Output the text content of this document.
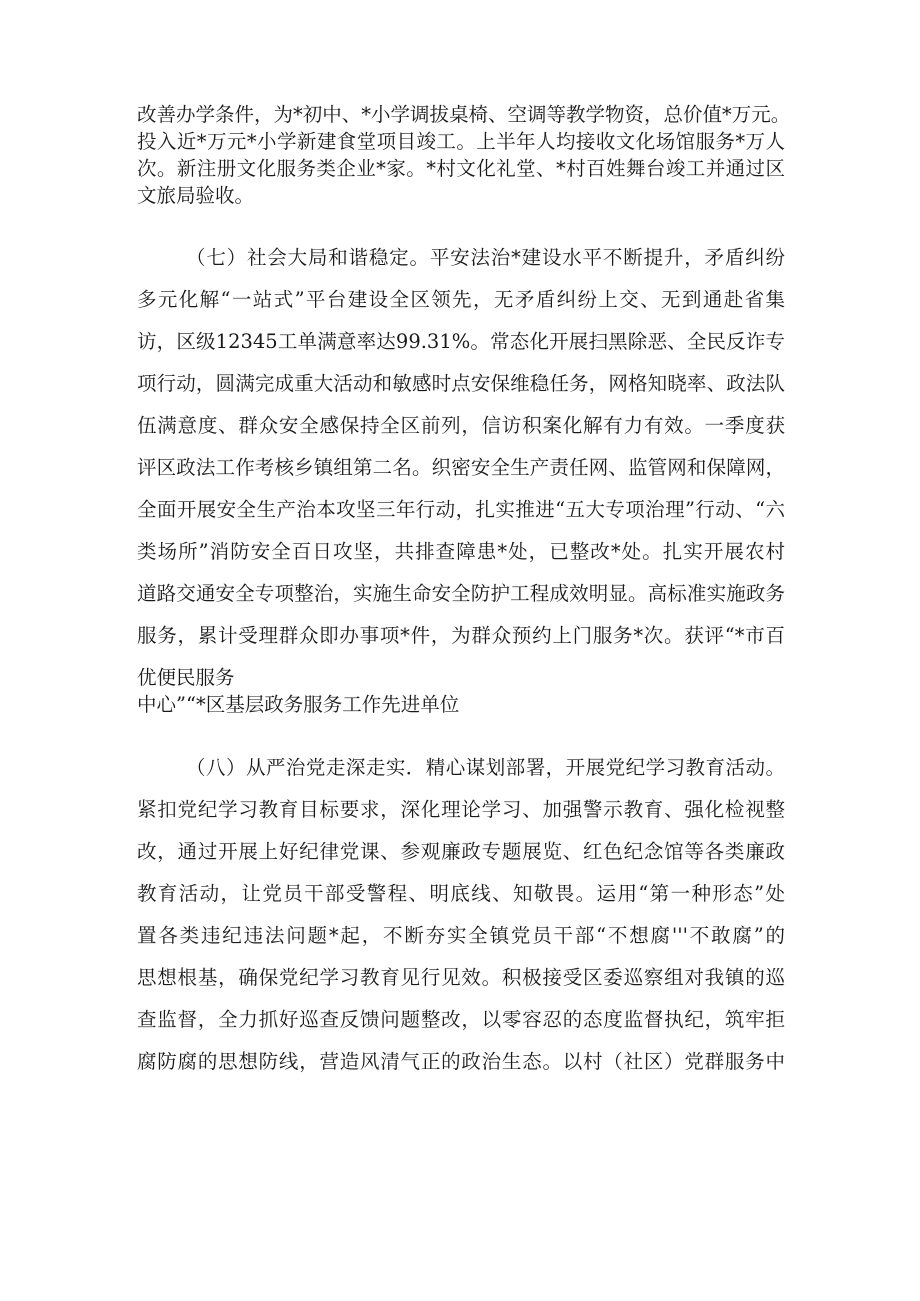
改善办学条件，为*初中、*小学调拔桌椅、空调等教学物资，总价值*万元。
投入近*万元*小学新建食堂项目竣工。上半年人均接收文化场馆服务*万人
次。新注册文化服务类企业*家。*村文化礼堂、*村百姓舞台竣工并通过区
文旅局验收。
（七）社会大局和谐稳定。平安法治*建设水平不断提升，矛盾纠纷
多元化解“一站式”平台建设全区领先，无矛盾纠纷上交、无到通赴省集
访，区级12345工单满意率达99.31%。常态化开展扫黑除恶、全民反诈专
项行动，圆满完成重大活动和敏感时点安保维稳任务，网格知晓率、政法队
伍满意度、群众安全感保持全区前列，信访积案化解有力有效。一季度获
评区政法工作考核乡镇组第二名。织密安全生产责任网、监管网和保障网，
全面开展安全生产治本攻坚三年行动，扎实推进“五大专项治理”行动、“六
类场所”消防安全百日攻坚，共排查障患*处，已整改*处。扎实开展农村
道路交通安全专项整治，实施生命安全防护工程成效明显。高标准实施政务
服务，累计受理群众即办事项*件，为群众预约上门服务*次。获评“*市百
优便民服务
中心”“*区基层政务服务工作先进单位
（八）从严治党走深走实．精心谋划部署，开展党纪学习教育活动。
紧扣党纪学习教育目标要求，深化理论学习、加强警示教育、强化检视整
改，通过开展上好纪律党课、参观廉政专题展览、红色纪念馆等各类廉政
教育活动，让党员干部受警程、明底线、知敬畏。运用“第一种形态”处
置各类违纪违法问题*起，不断夯实全镇党员干部“不想腐'''不敢腐”的
思想根基，确保党纪学习教育见行见效。积极接受区委巡察组对我镇的巡
查监督，全力抓好巡查反馈问题整改，以零容忍的态度监督执纪，筑牢拒
腐防腐的思想防线，营造风清气正的政治生态。以村（社区）党群服务中
